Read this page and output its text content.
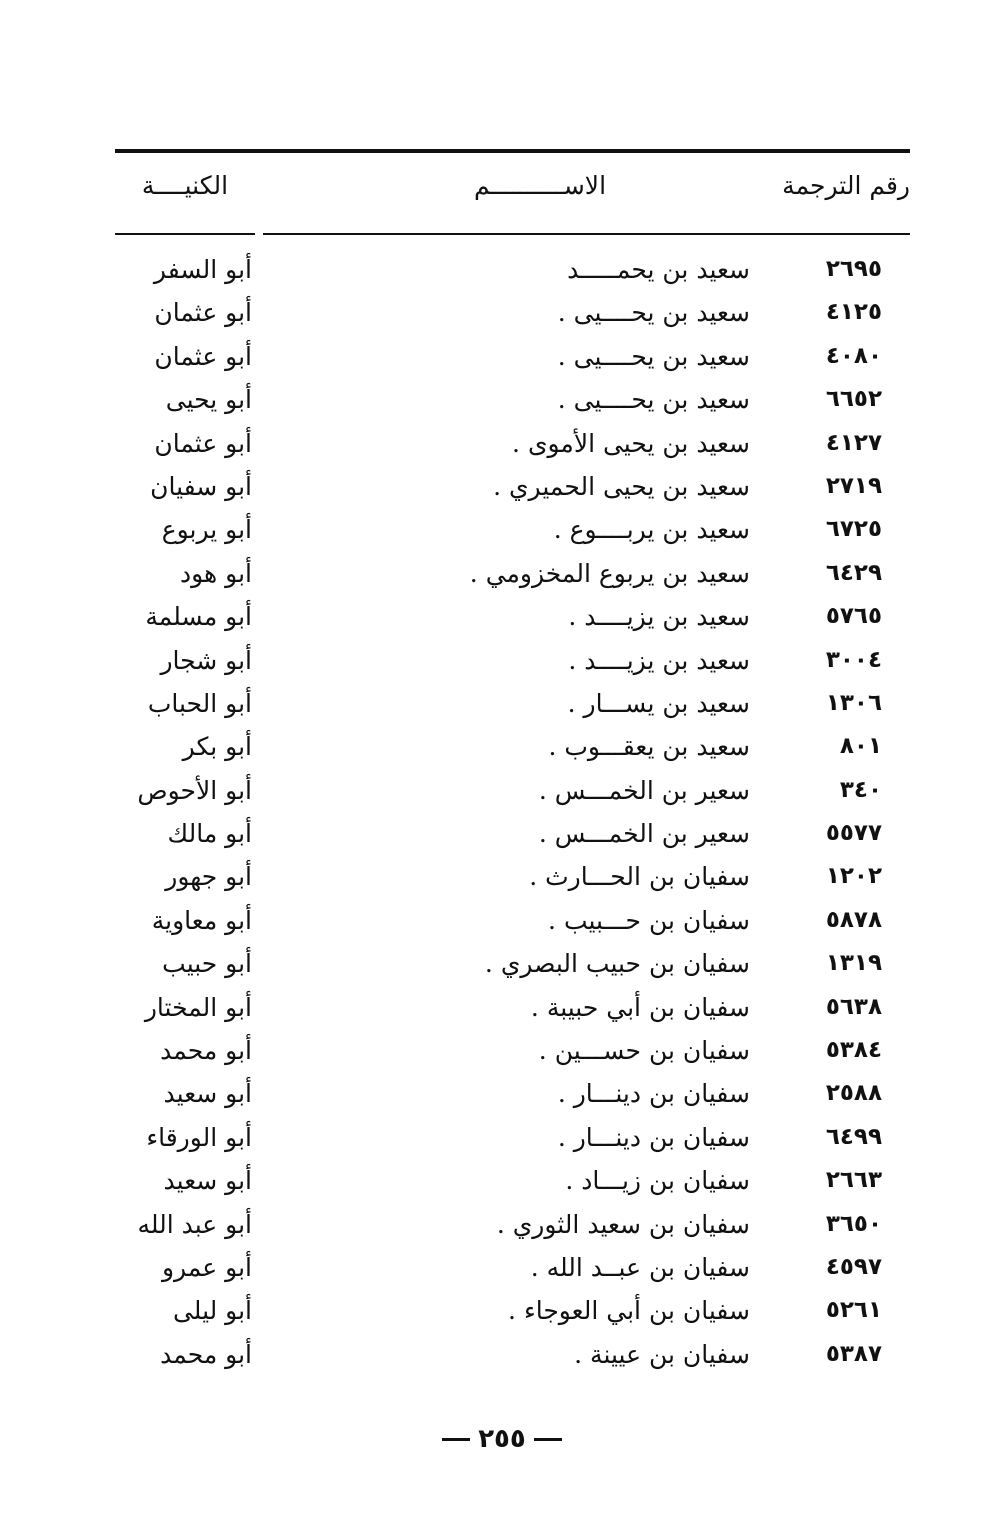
رقم الترجمة
الاســــــــــم
الكنيــــة
٢٦٩٥
سعيد بن يحمـــــد
أبو السفر
٤١٢٥
سعيد بن يحــــيى .
أبو عثمان
٤٠٨٠
سعيد بن يحــــيى .
أبو عثمان
٦٦٥٢
سعيد بن يحــــيى .
أبو يحيى
٤١٢٧
سعيد بن يحيى الأموى .
أبو عثمان
٢٧١٩
سعيد بن يحيى الحميري .
أبو سفيان
٦٧٢٥
سعيد بن يربــــوع .
أبو يربوع
٦٤٢٩
سعيد بن يربوع المخزومي .
أبو هود
٥٧٦٥
سعيد بن يزيــــد .
أبو مسلمة
٣٠٠٤
سعيد بن يزيــــد .
أبو شجار
١٣٠٦
سعيد بن يســـار .
أبو الحباب
٨٠١
سعيد بن يعقـــوب .
أبو بكر
٣٤٠
سعير بن الخمـــس .
أبو الأحوص
٥٥٧٧
سعير بن الخمـــس .
أبو مالك
١٢٠٢
سفيان بن الحـــارث .
أبو جهور
٥٨٧٨
سفيان بن حـــبيب .
أبو معاوية
١٣١٩
سفيان بن حبيب البصري .
أبو حبيب
٥٦٣٨
سفيان بن أبي حبيبة .
أبو المختار
٥٣٨٤
سفيان بن حســـين .
أبو محمد
٢٥٨٨
سفيان بن دينـــار .
أبو سعيد
٦٤٩٩
سفيان بن دينـــار .
أبو الورقاء
٢٦٦٣
سفيان بن زيـــاد .
أبو سعيد
٣٦٥٠
سفيان بن سعيد الثوري .
أبو عبد الله
٤٥٩٧
سفيان بن عبــد الله .
أبو عمرو
٥٢٦١
سفيان بن أبي العوجاء .
أبو ليلى
٥٣٨٧
سفيان بن عيينة .
أبو محمد
٢٥٥
